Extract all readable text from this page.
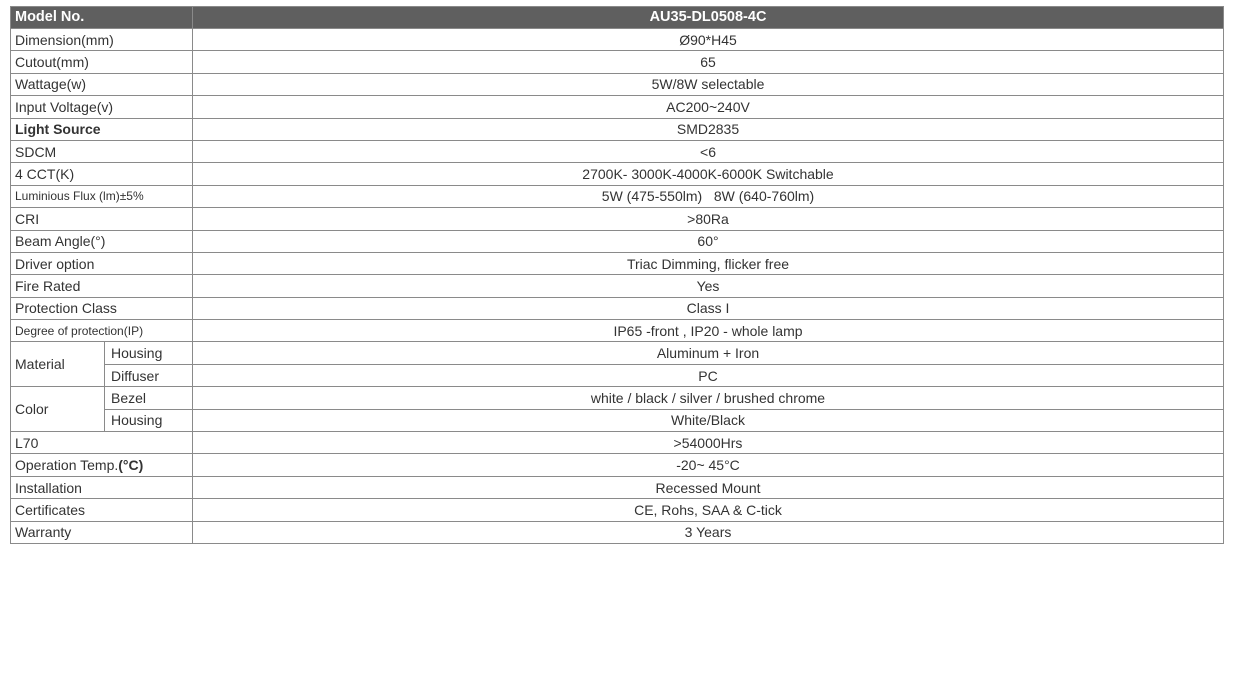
Model No.		AU35-DL0508-4C
Dimension(mm)		Ø90*H45
Cutout(mm)		65
Wattage(w)		5W/8W selectable
Input Voltage(v)		AC200~240V
Light Source		SMD2835
SDCM		<6
4 CCT(K)		2700K- 3000K-4000K-6000K Switchable
Luminious Flux (lm)±5%		5W (475-550lm)   8W (640-760lm)
CRI		>80Ra
Beam Angle(°)		60°
Driver option		Triac Dimming, flicker free
Fire Rated		Yes
Protection Class		Class I
Degree of protection(IP)		IP65 -front , IP20 - whole lamp
Material	Housing	Aluminum + Iron
	Diffuser	PC
Color	Bezel	white / black / silver / brushed chrome
	Housing	White/Black
L70		>54000Hrs
Operation Temp.(°C)		-20~ 45°C
Installation		Recessed Mount
Certificates		CE, Rohs, SAA & C-tick
Warranty		3 Years
